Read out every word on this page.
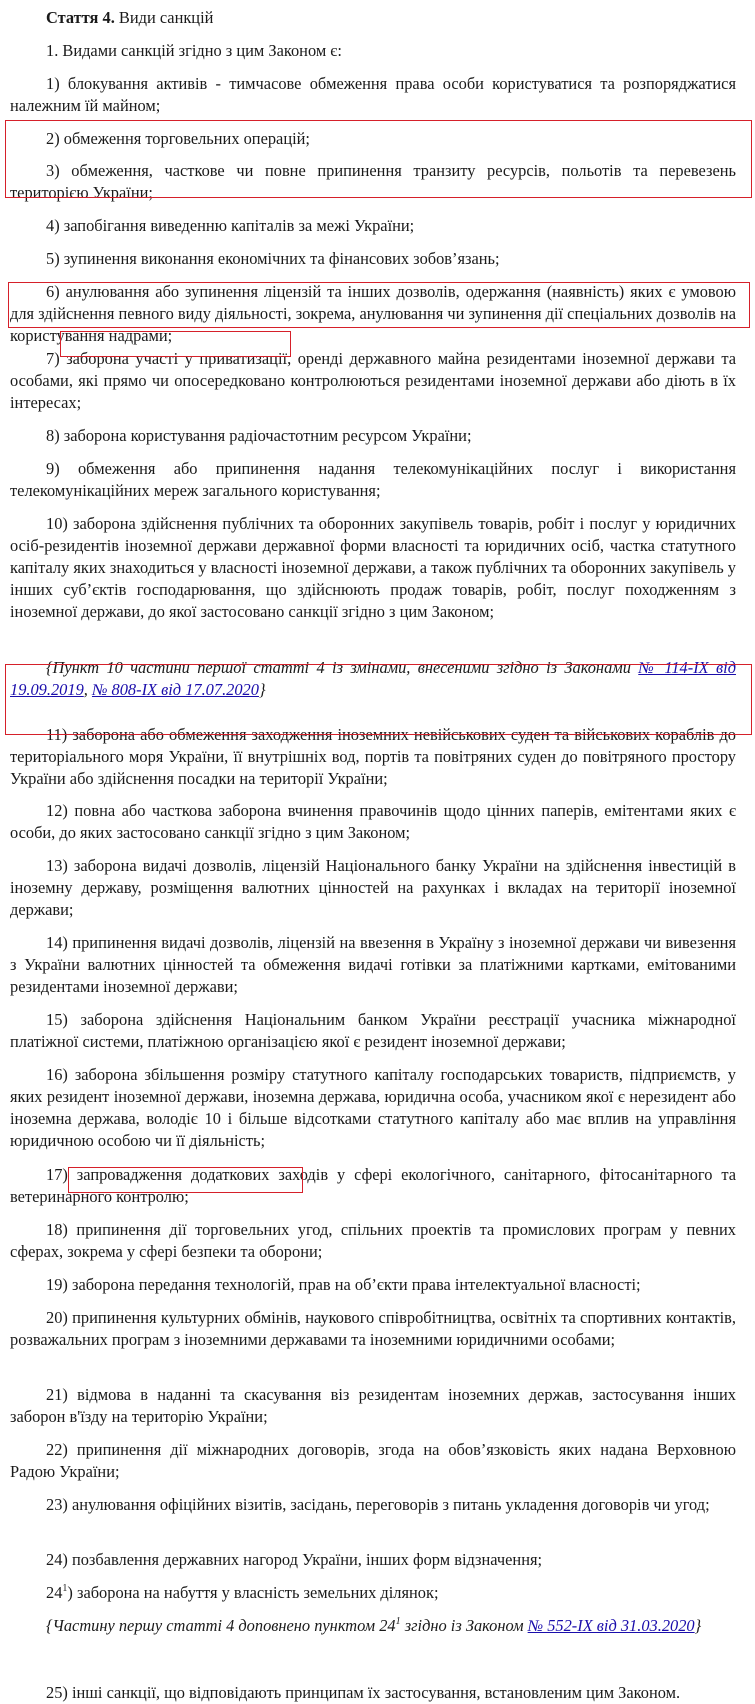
Стаття 4. Види санкцій

1. Видами санкцій згідно з цим Законом є:

1) блокування активів - тимчасове обмеження права особи користуватися та розпоряджатися належним їй майном;

2) обмеження торговельних операцій;

3) обмеження, часткове чи повне припинення транзиту ресурсів, польотів та перевезень територією України;

4) запобігання виведенню капіталів за межі України;

5) зупинення виконання економічних та фінансових зобов’язань;

6) анулювання або зупинення ліцензій та інших дозволів, одержання (наявність) яких є умовою для здійснення певного виду діяльності, зокрема, анулювання чи зупинення дії спеціальних дозволів на користування надрами;

7) заборона участі у приватизації, оренді державного майна резидентами іноземної держави та особами, які прямо чи опосередковано контролюються резидентами іноземної держави або діють в їх інтересах;

8) заборона користування радіочастотним ресурсом України;

9) обмеження або припинення надання телекомунікаційних послуг і використання телекомунікаційних мереж загального користування;

10) заборона здійснення публічних та оборонних закупівель товарів, робіт і послуг у юридичних осіб-резидентів іноземної держави державної форми власності та юридичних осіб, частка статутного капіталу яких знаходиться у власності іноземної держави, а також публічних та оборонних закупівель у інших суб’єктів господарювання, що здійснюють продаж товарів, робіт, послуг походженням з іноземної держави, до якої застосовано санкції згідно з цим Законом;

{Пункт 10 частини першої статті 4 із змінами, внесеними згідно із Законами № 114-IX від 19.09.2019, № 808-IX від 17.07.2020}

11) заборона або обмеження заходження іноземних невійськових суден та військових кораблів до територіального моря України, її внутрішніх вод, портів та повітряних суден до повітряного простору України або здійснення посадки на території України;

12) повна або часткова заборона вчинення правочинів щодо цінних паперів, емітентами яких є особи, до яких застосовано санкції згідно з цим Законом;

13) заборона видачі дозволів, ліцензій Національного банку України на здійснення інвестицій в іноземну державу, розміщення валютних цінностей на рахунках і вкладах на території іноземної держави;

14) припинення видачі дозволів, ліцензій на ввезення в Україну з іноземної держави чи вивезення з України валютних цінностей та обмеження видачі готівки за платіжними картками, емітованими резидентами іноземної держави;

15) заборона здійснення Національним банком України реєстрації учасника міжнародної платіжної системи, платіжною організацією якої є резидент іноземної держави;

16) заборона збільшення розміру статутного капіталу господарських товариств, підприємств, у яких резидент іноземної держави, іноземна держава, юридична особа, учасником якої є нерезидент або іноземна держава, володіє 10 і більше відсотками статутного капіталу або має вплив на управління юридичною особою чи її діяльність;

17) запровадження додаткових заходів у сфері екологічного, санітарного, фітосанітарного та ветеринарного контролю;

18) припинення дії торговельних угод, спільних проектів та промислових програм у певних сферах, зокрема у сфері безпеки та оборони;

19) заборона передання технологій, прав на об’єкти права інтелектуальної власності;

20) припинення культурних обмінів, наукового співробітництва, освітніх та спортивних контактів, розважальних програм з іноземними державами та іноземними юридичними особами;

21) відмова в наданні та скасування віз резидентам іноземних держав, застосування інших заборон в'їзду на територію України;

22) припинення дії міжнародних договорів, згода на обов’язковість яких надана Верховною Радою України;

23) анулювання офіційних візитів, засідань, переговорів з питань укладення договорів чи угод;

24) позбавлення державних нагород України, інших форм відзначення;

$24^1$) заборона на набуття у власність земельних ділянок;

{Частину першу статті 4 доповнено пунктом $24^1$ згідно із Законом № 552-IX від 31.03.2020}

25) інші санкції, що відповідають принципам їх застосування, встановленим цим Законом.
